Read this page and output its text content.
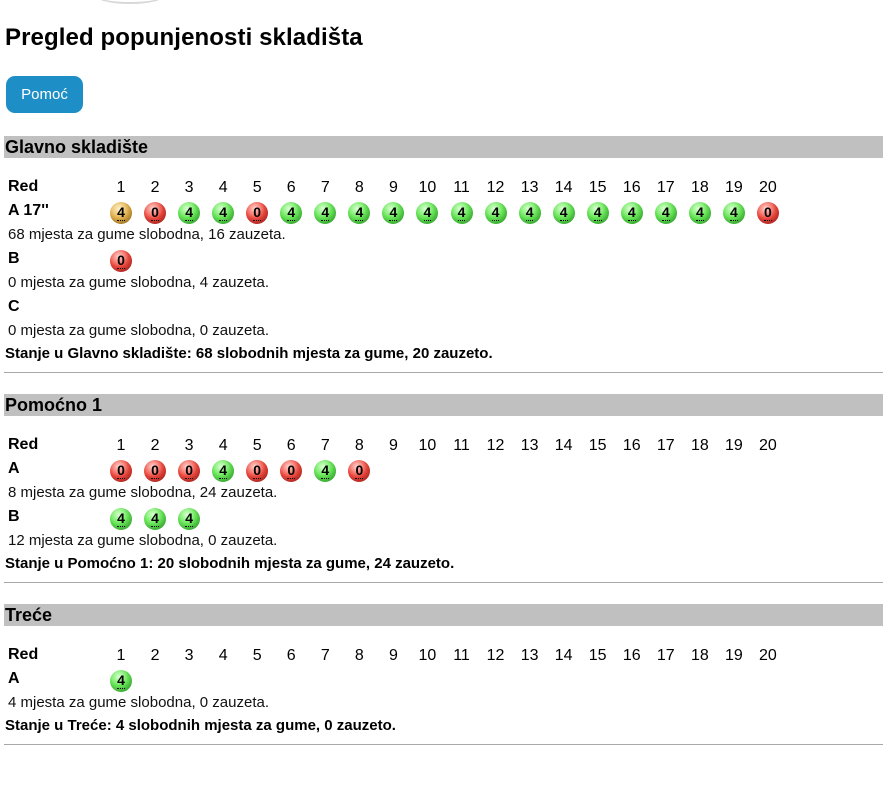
Pregled popunjenosti skladišta
Pomoć
Glavno skladište
Red	1	2	3	4	5	6	7	8	9	10 11 12 13 14 15 16 17 18 19 20
A 17''	4 0 4 4 0 4 4 4 4 4 4 4 4 4 4 4 4 4 4 0
68 mjesta za gume slobodna, 16 zauzeta.
B	0
0 mjesta za gume slobodna, 4 zauzeta.
C
0 mjesta za gume slobodna, 0 zauzeta.
Stanje u Glavno skladište: 68 slobodnih mjesta za gume, 20 zauzeto.
Pomoćno 1
Red	1	2	3	4	5	6	7	8	9	10 11 12 13 14 15 16 17 18 19 20
A	0 0 0 4 0 0 4 0
8 mjesta za gume slobodna, 24 zauzeta.
B	4 4 4
12 mjesta za gume slobodna, 0 zauzeta.
Stanje u Pomoćno 1: 20 slobodnih mjesta za gume, 24 zauzeto.
Treće
Red	1	2	3	4	5	6	7	8	9	10 11 12 13 14 15 16 17 18 19 20
A	4
4 mjesta za gume slobodna, 0 zauzeta.
Stanje u Treće: 4 slobodnih mjesta za gume, 0 zauzeto.
